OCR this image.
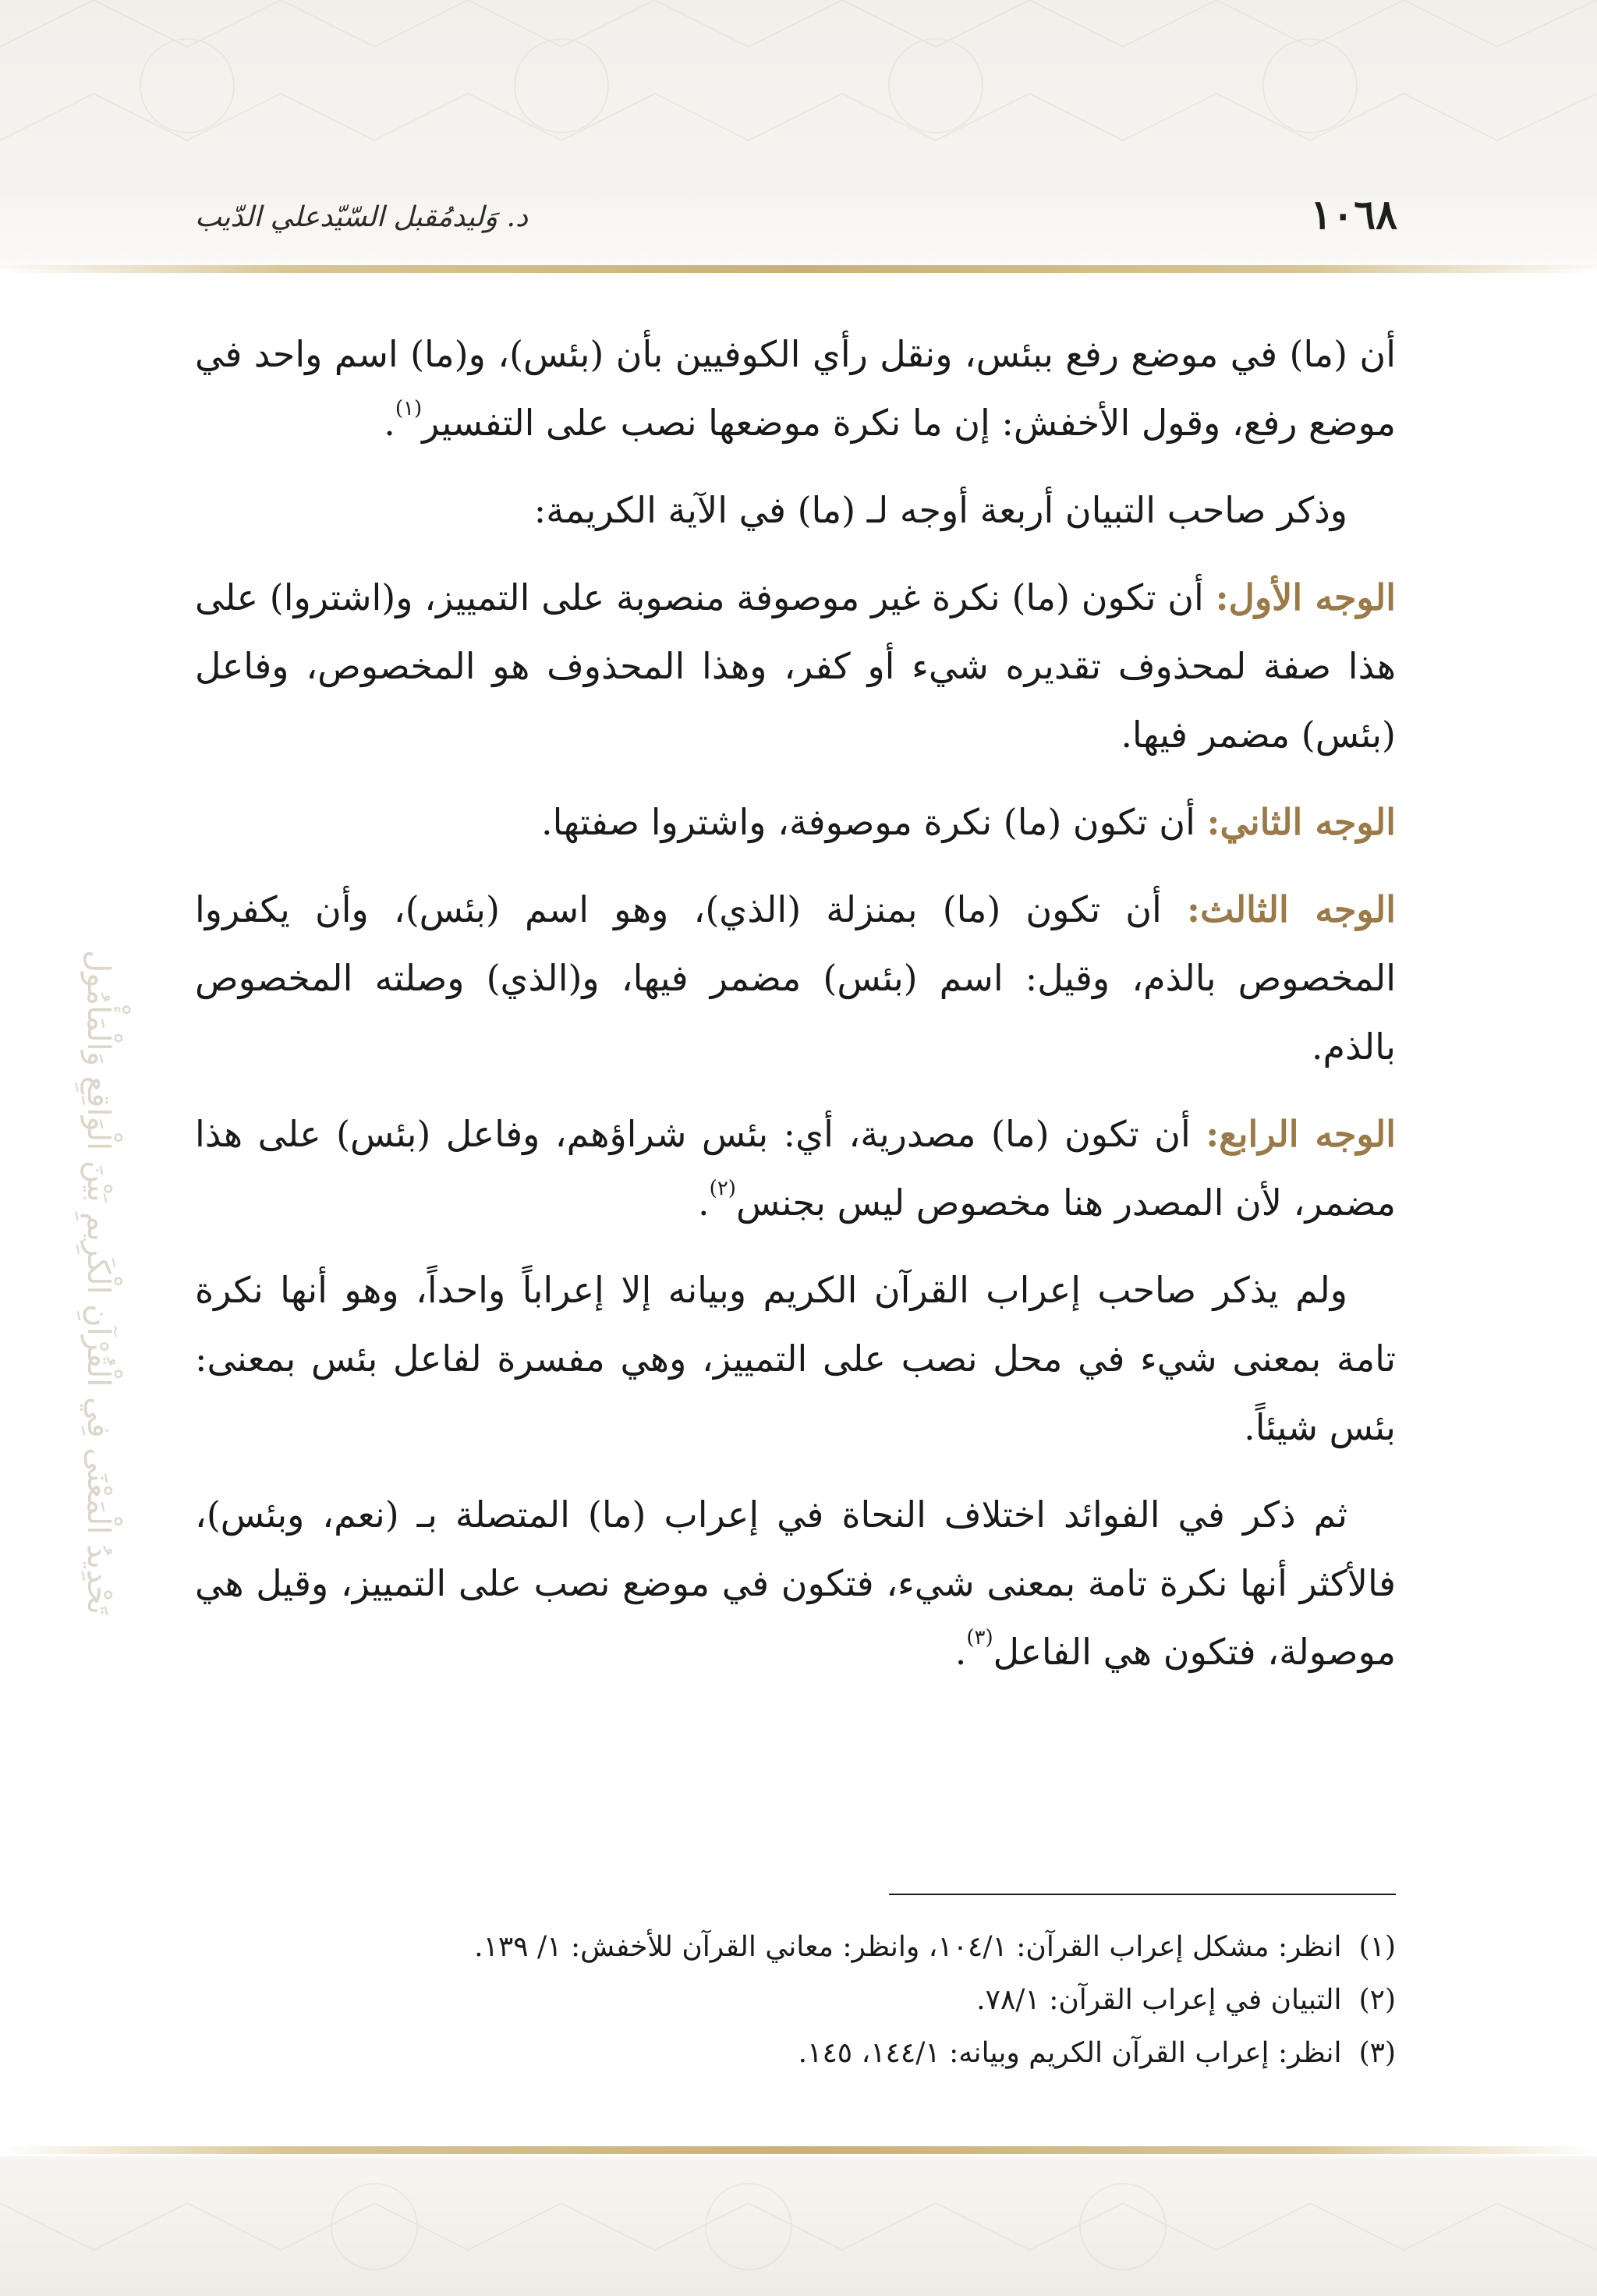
١٠٦٨
د. وَليدمُقبل السّيّدعلي الدّيب
تَحْدِيدُ الْمَعْنَى فِي الْقُرْآنِ الْكَرِيمِ بَيْنَ الْوَاقِعِ وَالْمَأْمُول

أن (ما) في موضع رفع ببئس، ونقل رأي الكوفيين بأن (بئس)، و(ما) اسم واحد في موضع رفع، وقول الأخفش: إن ما نكرة موضعها نصب على التفسير$^{(١)}$.

وذكر صاحب التبيان أربعة أوجه لـ (ما) في الآية الكريمة:

الوجه الأول: أن تكون (ما) نكرة غير موصوفة منصوبة على التمييز، و(اشتروا) على هذا صفة لمحذوف تقديره شيء أو كفر، وهذا المحذوف هو المخصوص، وفاعل (بئس) مضمر فيها.

الوجه الثاني: أن تكون (ما) نكرة موصوفة، واشتروا صفتها.

الوجه الثالث: أن تكون (ما) بمنزلة (الذي)، وهو اسم (بئس)، وأن يكفروا المخصوص بالذم، وقيل: اسم (بئس) مضمر فيها، و(الذي) وصلته المخصوص بالذم.

الوجه الرابع: أن تكون (ما) مصدرية، أي: بئس شراؤهم، وفاعل (بئس) على هذا مضمر، لأن المصدر هنا مخصوص ليس بجنس$^{(٢)}$.

ولم يذكر صاحب إعراب القرآن الكريم وبيانه إلا إعراباً واحداً، وهو أنها نكرة تامة بمعنى شيء في محل نصب على التمييز، وهي مفسرة لفاعل بئس بمعنى: بئس شيئاً.

ثم ذكر في الفوائد اختلاف النحاة في إعراب (ما) المتصلة بـ (نعم، وبئس)، فالأكثر أنها نكرة تامة بمعنى شيء، فتكون في موضع نصب على التمييز، وقيل هي موصولة، فتكون هي الفاعل$^{(٣)}$.

(١)انظر: مشكل إعراب القرآن: ١٠٤/١، وانظر: معاني القرآن للأخفش: ١/ ١٣٩.

(٢)التبيان في إعراب القرآن: ٧٨/١.

(٣)انظر: إعراب القرآن الكريم وبيانه: ١٤٤/١، ١٤٥.
